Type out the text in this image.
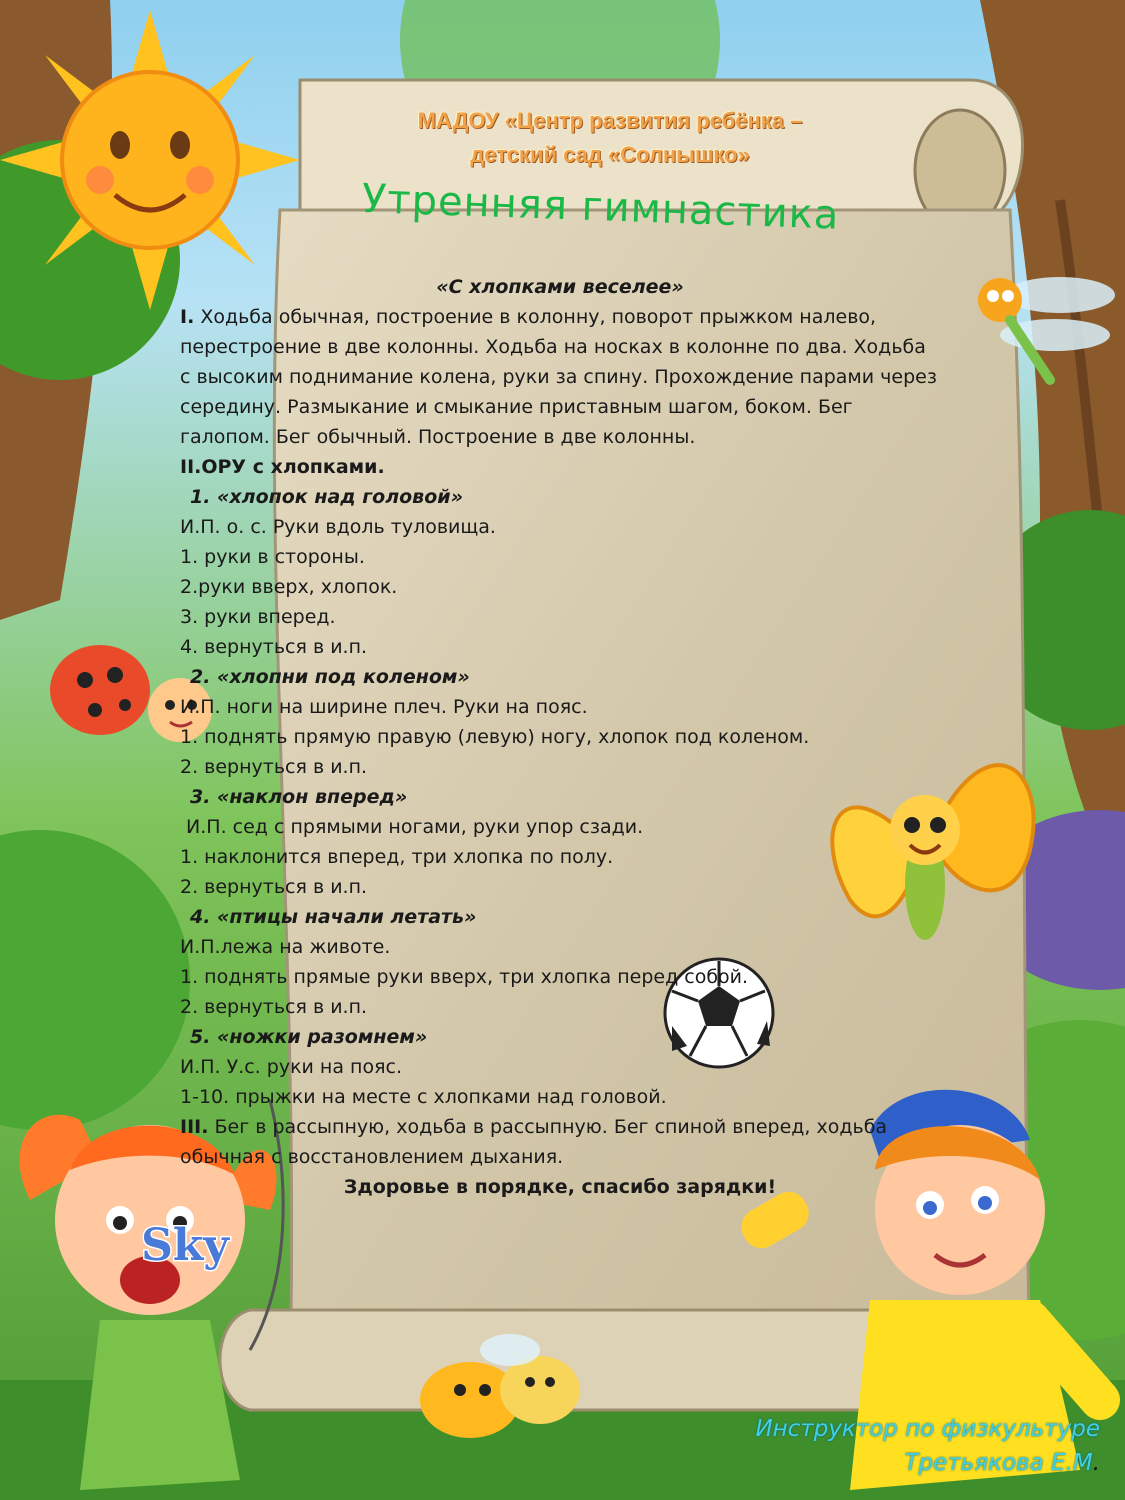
Sky
МАДОУ «Центр развития ребёнка –
детский сад «Солнышко»
Утренняя гимнастика

«С хлопками веселее»

I. Ходьба обычная, построение в колонну, поворот прыжком налево, перестроение в две колонны. Ходьба на носках в колонне по два. Ходьба с высоким поднимание колена, руки за спину. Прохождение парами через середину. Размыкание и смыкание приставным шагом, боком. Бег галопом. Бег обычный. Построение в две колонны.

II.ОРУ с хлопками.

1. «хлопок над головой»

И.П. о. с. Руки вдоль туловища.

1. руки в стороны.

2.руки вверх, хлопок.

3. руки вперед.

4. вернуться в и.п.

2. «хлопни под коленом»

И.П. ноги на ширине плеч. Руки на пояс.

1. поднять прямую правую (левую) ногу, хлопок под коленом.

2. вернуться в и.п.

3. «наклон вперед»

И.П. сед с прямыми ногами, руки упор сзади.

1. наклонится вперед, три хлопка по полу.

2. вернуться в и.п.

4. «птицы начали летать»

И.П.лежа на животе.

1. поднять прямые руки вверх, три хлопка перед собой.

2. вернуться в и.п.

5. «ножки разомнем»

И.П. У.с. руки на пояс.

1-10. прыжки на месте с хлопками над головой.

III. Бег в рассыпную, ходьба в рассыпную. Бег спиной вперед, ходьба обычная с восстановлением дыхания.

Здоровье в порядке, спасибо зарядки!

Инструктор по физкультуре
Третьякова Е.М.
